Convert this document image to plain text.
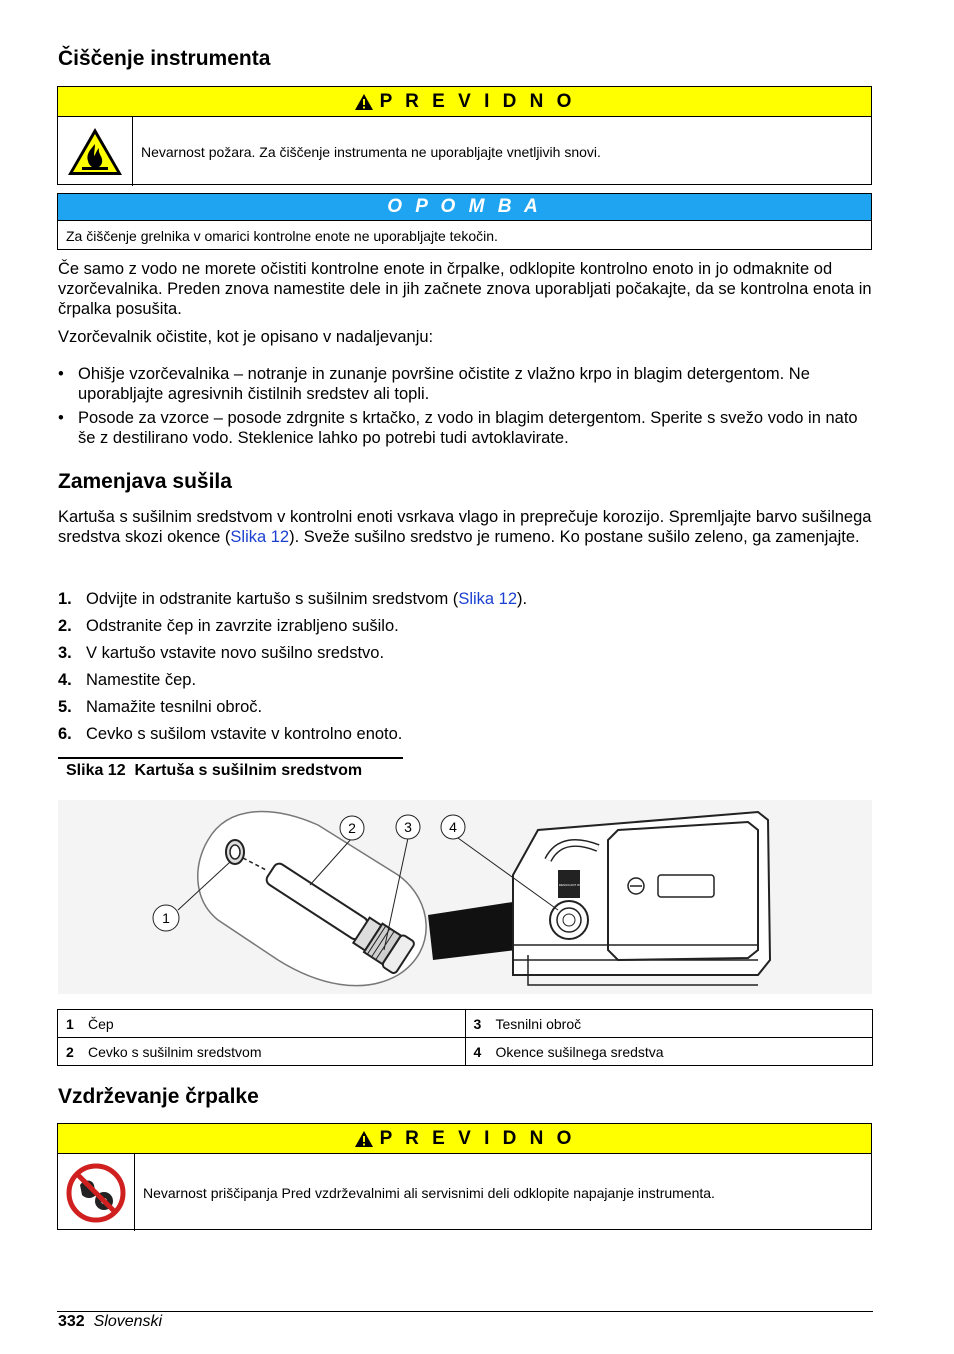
Čiščenje instrumenta
P R E V I D N O
Nevarnost požara. Za čiščenje instrumenta ne uporabljajte vnetljivih snovi.
O P O M B A
Za čiščenje grelnika v omarici kontrolne enote ne uporabljajte tekočin.

Če samo z vodo ne morete očistiti kontrolne enote in črpalke, odklopite kontrolno enoto in jo odmaknite od vzorčevalnika. Preden znova namestite dele in jih začnete znova uporabljati počakajte, da se kontrolna enota in črpalka posušita.

Vzorčevalnik očistite, kot je opisano v nadaljevanju:

• Ohišje vzorčevalnika – notranje in zunanje površine očistite z vlažno krpo in blagim detergentom. Ne uporabljajte agresivnih čistilnih sredstev ali topli.
• Posode za vzorce – posode zdrgnite s krtačko, z vodo in blagim detergentom. Sperite s svežo vodo in nato še z destilirano vodo. Steklenice lahko po potrebi tudi avtoklavirate.
Zamenjava sušila

Kartuša s sušilnim sredstvom v kontrolni enoti vsrkava vlago in preprečuje korozijo. Spremljajte barvo sušilnega sredstva skozi okence (Slika 12). Sveže sušilno sredstvo je rumeno. Ko postane sušilo zeleno, ga zamenjajte.

1. Odvijte in odstranite kartušo s sušilnim sredstvom (Slika 12).
2. Odstranite čep in zavrzite izrabljeno sušilo.
3. V kartušo vstavite novo sušilno sredstvo.
4. Namestite čep.
5. Namažite tesnilni obroč.
6. Cevko s sušilom vstavite v kontrolno enoto.
Slika 12  Kartuša s sušilnim sredstvom
REPLACE DESICCANT WHEN PINK
1
2	3	4
1 Čep	3 Tesnilni obroč
2 Cevko s sušilnim sredstvom	4 Okence sušilnega sredstva
Vzdrževanje črpalke
P R E V I D N O
Nevarnost priščipanja Pred vzdrževalnimi ali servisnimi deli odklopite napajanje instrumenta.
332 Slovenski
